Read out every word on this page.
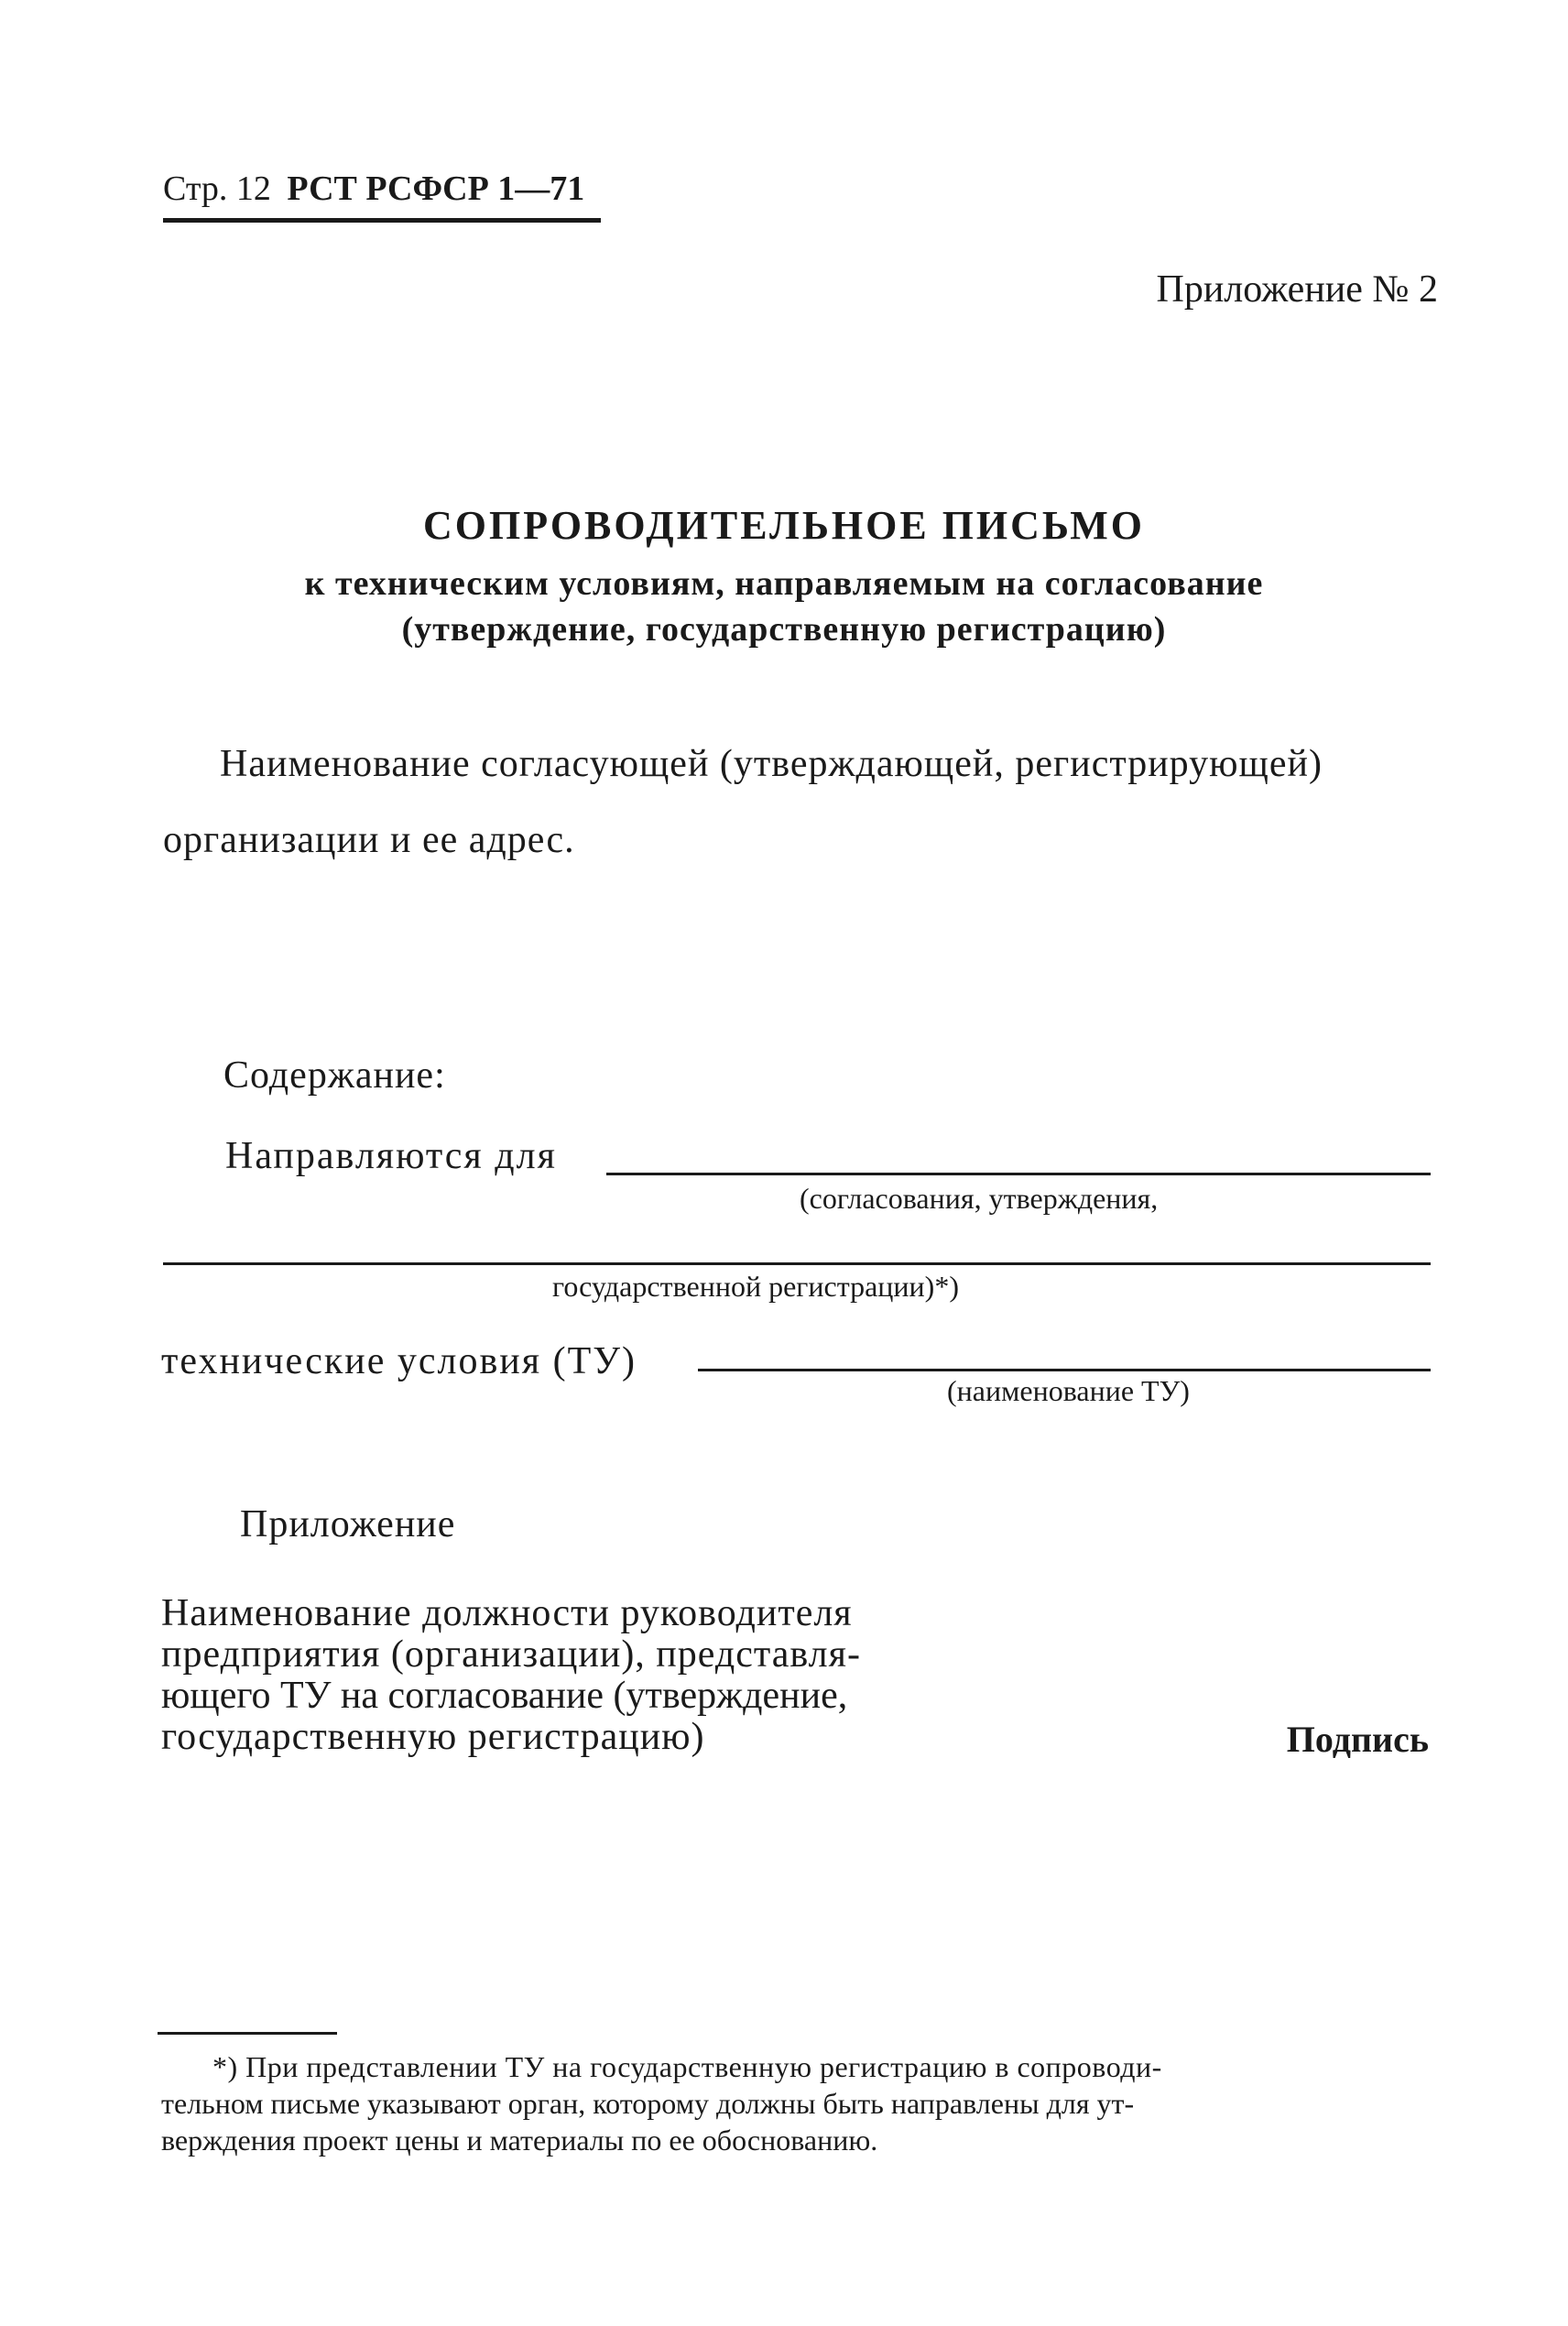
Стр. 12 РСТ РСФСР 1—71
Приложение № 2
СОПРОВОДИТЕЛЬНОЕ ПИСЬМО
к техническим условиям, направляемым на согласование
(утверждение, государственную регистрацию)
Наименование согласующей (утверждающей, регистрирующей)
организации и ее адрес.
Содержание:
Направляются для
(согласования, утверждения,
государственной регистрации)*)
технические условия (ТУ)
(наименование ТУ)
Приложение
Наименование должности руководителя
предприятия (организации), представля-
ющего ТУ на согласование (утверждение,
государственную регистрацию)	Подпись
*) При представлении ТУ на государственную регистрацию в сопроводи-
тельном письме указывают орган, которому должны быть направлены для ут-
верждения проект цены и материалы по ее обоснованию.
